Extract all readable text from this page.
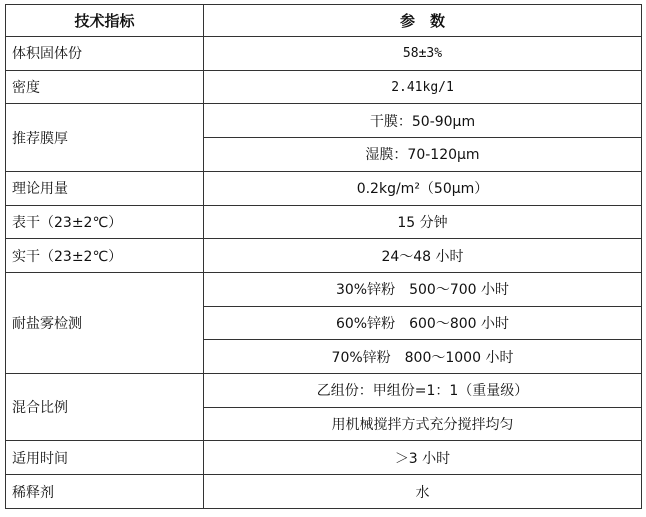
技术指标	参　数
体积固体份	58±3%
密度	2.41kg/1
推荐膜厚	干膜：50-90μm
	湿膜：70-120μm
理论用量	0.2kg/m²（50μm）
表干（23±2℃）	15 分钟
实干（23±2℃）	24～48 小时
耐盐雾检测	30%锌粉　500～700 小时
	60%锌粉　600～800 小时
	70%锌粉　800～1000 小时
混合比例	乙组份：甲组份=1：1（重量级）
	用机械搅拌方式充分搅拌均匀
适用时间	＞3 小时
稀释剂	水
